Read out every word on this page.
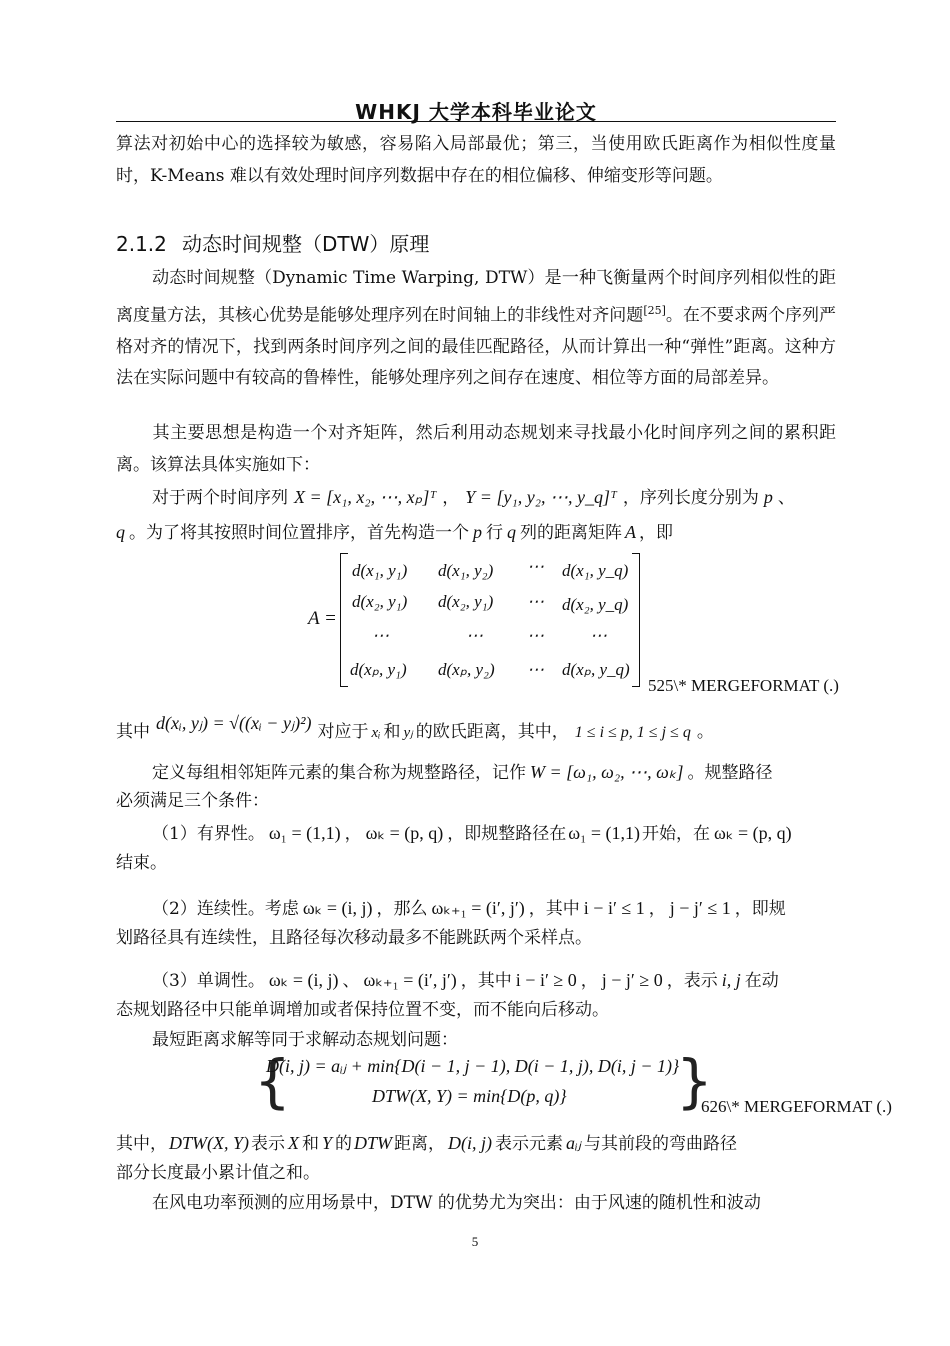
WHKJ 大学本科毕业论文
算法对初始中心的选择较为敏感，容易陷入局部最优；第三，当使用欧氏距离作为相似性度量时，K-Means 难以有效处理时间序列数据中存在的相位偏移、伸缩变形等问题。
2.1.2 动态时间规整（DTW）原理
动态时间规整（Dynamic Time Warping, DTW）是一种飞衡量两个时间序列相似性的距离度量方法，其核心优势是能够处理序列在时间轴上的非线性对齐问题[25]。在不要求两个序列严格对齐的情况下，找到两条时间序列之间的最佳匹配路径，从而计算出一种“弹性”距离。这种方法在实际问题中有较高的鲁棒性，能够处理序列之间存在速度、相位等方面的局部差异。
其主要思想是构造一个对齐矩阵，然后利用动态规划来寻找最小化时间序列之间的累积距离。该算法具体实施如下：
对于两个时间序列 X = [x₁, x₂, ⋯, xₚ]ᵀ ， Y = [y₁, y₂, ⋯, y_q]ᵀ ，序列长度分别为 p 、
q 。为了将其按照时间位置排序，首先构造一个 p 行 q 列的距离矩阵 A ，即
A =
d(x₁, y₁) d(x₁, y₂) ⋯ d(x₁, y_q)
d(x₂, y₁) d(x₂, y₁) ⋯ d(x₂, y_q)
⋯	⋯	⋯	⋯
d(xₚ, y₁) d(xₚ, y₂) ⋯ d(xₚ, y_q)
525\* MERGEFORMAT (.)
其中 d(xᵢ, yⱼ) = √((xᵢ − yⱼ)²) 对应于 xᵢ 和 yⱼ 的欧氏距离，其中， 1 ≤ i ≤ p, 1 ≤ j ≤ q 。
定义每组相邻矩阵元素的集合称为规整路径，记作 W = [ω₁, ω₂, ⋯, ωₖ] 。规整路径
必须满足三个条件：
（1）有界性。 ω₁ = (1,1) ， ωₖ = (p, q) ，即规整路径在 ω₁ = (1,1) 开始，在 ωₖ = (p, q)
结束。
（2）连续性。考虑 ωₖ = (i, j) ，那么 ωₖ₊₁ = (i′, j′) ，其中 i − i′ ≤ 1 ， j − j′ ≤ 1 ，即规
划路径具有连续性，且路径每次移动最多不能跳跃两个采样点。
（3）单调性。 ωₖ = (i, j) 、 ωₖ₊₁ = (i′, j′) ，其中 i − i′ ≥ 0 ， j − j′ ≥ 0 ，表示 i, j 在动
态规划路径中只能单调增加或者保持位置不变，而不能向后移动。
最短距离求解等同于求解动态规划问题：
{	}
D(i, j) = aᵢⱼ + min{D(i − 1, j − 1), D(i − 1, j), D(i, j − 1)}
DTW(X, Y) = min{D(p, q)}
626\* MERGEFORMAT (.)
其中， DTW(X, Y) 表示 X 和 Y 的 DTW 距离， D(i, j) 表示元素 aᵢⱼ 与其前段的弯曲路径
部分长度最小累计值之和。
在风电功率预测的应用场景中，DTW 的优势尤为突出：由于风速的随机性和波动
5
